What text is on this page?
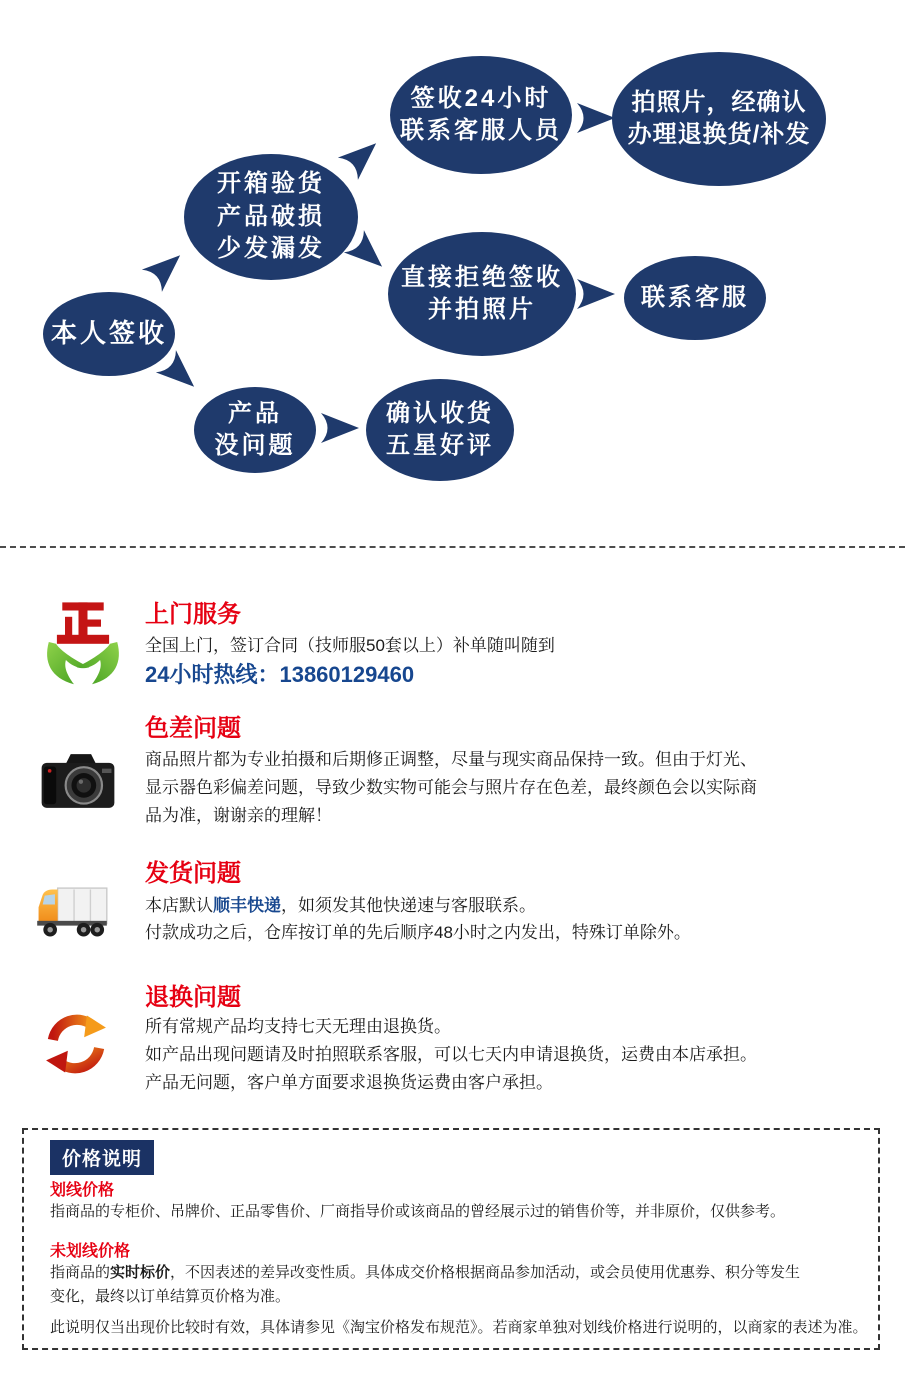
本人签收
开箱验货
产品破损
少发漏发
签收24小时
联系客服人员
拍照片，经确认
办理退换货/补发
直接拒绝签收
并拍照片	联系客服
产品
没问题
确认收货
五星好评
上门服务
全国上门，签订合同（技师服50套以上）补单随叫随到
24小时热线：13860129460
色差问题
商品照片都为专业拍摄和后期修正调整，尽量与现实商品保持一致。但由于灯光、
显示器色彩偏差问题，导致少数实物可能会与照片存在色差，最终颜色会以实际商
品为准，谢谢亲的理解！
发货问题
本店默认顺丰快递，如须发其他快递速与客服联系。
付款成功之后，仓库按订单的先后顺序48小时之内发出，特殊订单除外。
退换问题
所有常规产品均支持七天无理由退换货。
如产品出现问题请及时拍照联系客服，可以七天内申请退换货，运费由本店承担。
产品无问题，客户单方面要求退换货运费由客户承担。
价格说明
划线价格
指商品的专柜价、吊牌价、正品零售价、厂商指导价或该商品的曾经展示过的销售价等，并非原价，仅供参考。
未划线价格
指商品的实时标价，不因表述的差异改变性质。具体成交价格根据商品参加活动，或会员使用优惠券、积分等发生
变化，最终以订单结算页价格为准。
此说明仅当出现价比较时有效，具体请参见《淘宝价格发布规范》。若商家单独对划线价格进行说明的，以商家的表述为准。
